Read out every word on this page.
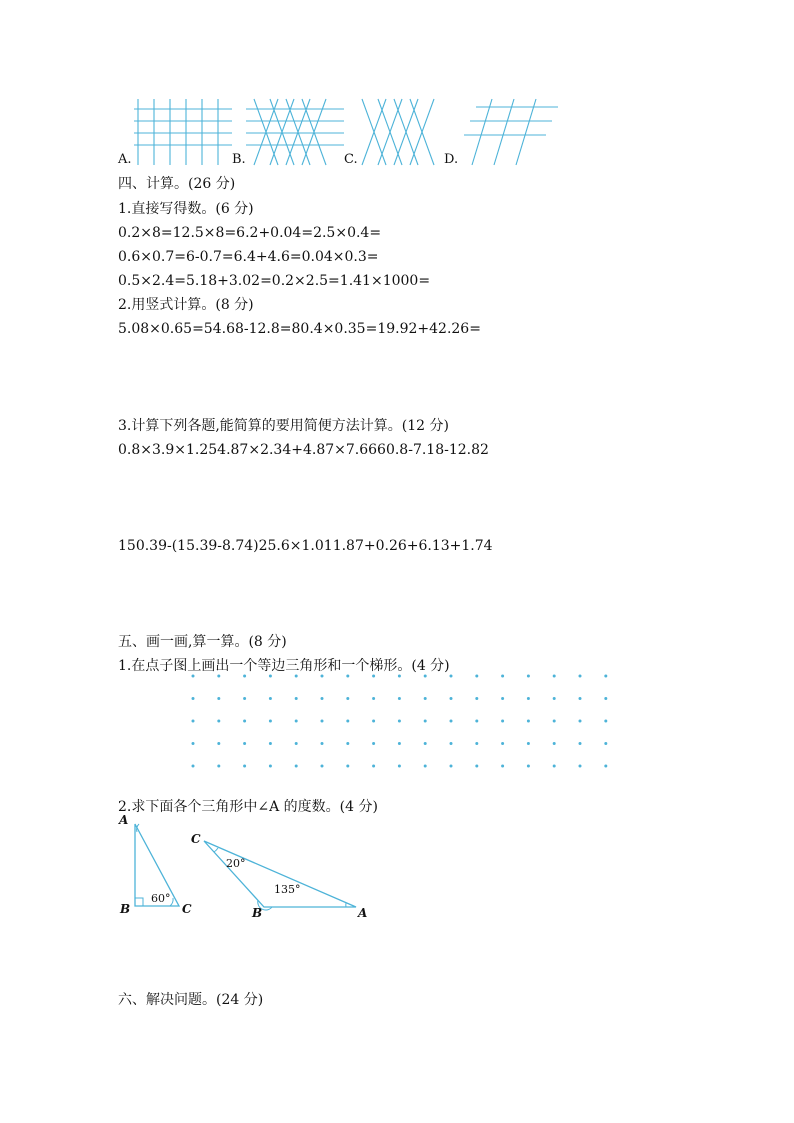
A.	B.	C.	D.
四、计算。(26 分)
1.直接写得数。(6 分)
0.2×8=12.5×8=6.2+0.04=2.5×0.4=
0.6×0.7=6-0.7=6.4+4.6=0.04×0.3=
0.5×2.4=5.18+3.02=0.2×2.5=1.41×1000=
2.用竖式计算。(8 分)
5.08×0.65=54.68-12.8=80.4×0.35=19.92+42.26=
3.计算下列各题,能简算的要用简便方法计算。(12 分)
0.8×3.9×1.254.87×2.34+4.87×7.6660.8-7.18-12.82
150.39-(15.39-8.74)25.6×1.011.87+0.26+6.13+1.74
五、画一画,算一算。(8 分)
1.在点子图上画出一个等边三角形和一个梯形。(4 分)
2.求下面各个三角形中∠A 的度数。(4 分)
A
B	C
60°
C
B	A
20°
135°
六、解决问题。(24 分)
